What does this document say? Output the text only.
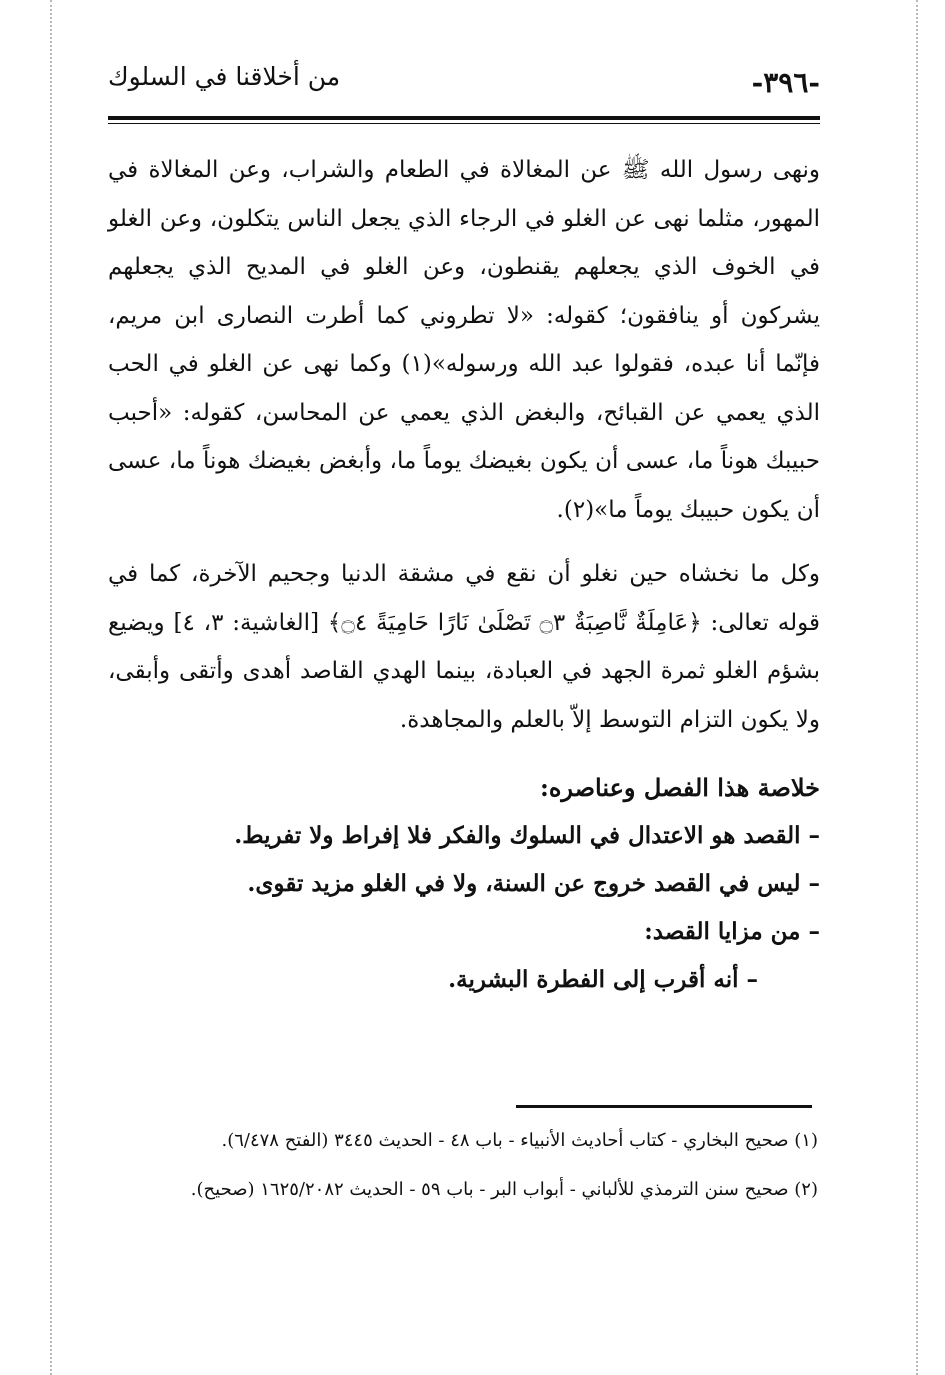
-٣٩٦-
من أخلاقنا في السلوك

ونهى رسول الله ﷺ عن المغالاة في الطعام والشراب، وعن المغالاة في المهور، مثلما نهى عن الغلو في الرجاء الذي يجعل الناس يتكلون، وعن الغلو في الخوف الذي يجعلهم يقنطون، وعن الغلو في المديح الذي يجعلهم يشركون أو ينافقون؛ كقوله: «لا تطروني كما أطرت النصارى ابن مريم، فإنّما أنا عبده، فقولوا عبد الله ورسوله»(١) وكما نهى عن الغلو في الحب الذي يعمي عن القبائح، والبغض الذي يعمي عن المحاسن، كقوله: «أحبب حبيبك هوناً ما، عسى أن يكون بغيضك يوماً ما، وأبغض بغيضك هوناً ما، عسى أن يكون حبيبك يوماً ما»(٢).

وكل ما نخشاه حين نغلو أن نقع في مشقة الدنيا وجحيم الآخرة، كما في قوله تعالى: ﴿عَامِلَةٌ نَّاصِبَةٌ ۝٣ تَصْلَىٰ نَارًا حَامِيَةً ۝٤﴾ [الغاشية: ٣، ٤] ويضيع بشؤم الغلو ثمرة الجهد في العبادة، بينما الهدي القاصد أهدى وأتقى وأبقى، ولا يكون التزام التوسط إلاّ بالعلم والمجاهدة.

خلاصة هذا الفصل وعناصره:
– القصد هو الاعتدال في السلوك والفكر فلا إفراط ولا تفريط.
– ليس في القصد خروج عن السنة، ولا في الغلو مزيد تقوى.
– من مزايا القصد:
– أنه أقرب إلى الفطرة البشرية.

(١) صحيح البخاري - كتاب أحاديث الأنبياء - باب ٤٨ - الحديث ٣٤٤٥ (الفتح ٦/٤٧٨).

(٢) صحيح سنن الترمذي للألباني - أبواب البر - باب ٥٩ - الحديث ١٦٢٥/٢٠٨٢ (صحيح).
